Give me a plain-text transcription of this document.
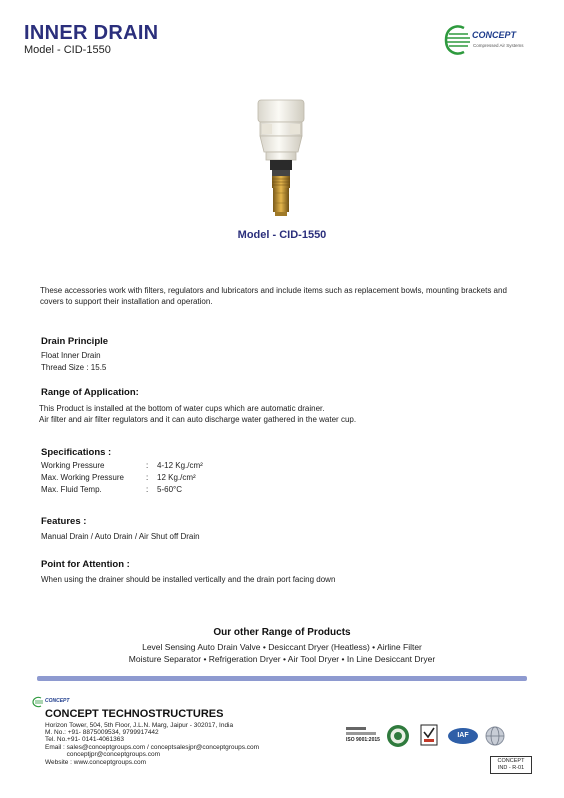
INNER DRAIN
Model - CID-1550
CONCEPT
Compressed Air Systems
Model - CID-1550
These accessories work with filters, regulators and lubricators and include items such as replacement bowls, mounting brackets and covers to support their installation and operation.
Drain Principle
Float Inner Drain
Thread Size : 15.5
Range of Application:
This Product is installed at the bottom of water cups which are automatic drainer.
Air filter and air filter regulators and it can auto discharge water gathered in the water cup.
Specifications :
Working Pressure	: 4-12 Kg./cm²
Max. Working Pressure	: 12 Kg./cm²
Max. Fluid Temp.	: 5-60°C
Features :
Manual Drain / Auto Drain / Air Shut off Drain
Point for Attention :
When using the drainer should be installed vertically and the drain port facing down
Our other Range of Products
Level Sensing Auto Drain Valve • Desiccant Dryer (Heatless) • Airline Filter
Moisture Separator • Refrigeration Dryer • Air Tool Dryer • In Line Desiccant Dryer
CONCEPT
CONCEPT TECHNOSTRUCTURES
Horizon Tower, 504, 5th Floor, J.L.N. Marg, Jaipur - 302017, India
M. No.: +91- 8875009534, 9799917442
Tel. No.+91- 0141-4061363
Email : sales@conceptgroups.com / conceptsalesjpr@conceptgroups.com
conceptjpr@conceptgroups.com
Website : www.conceptgroups.com
ISO 9001:2015
IAF
CONCEPT
IND - R-01
